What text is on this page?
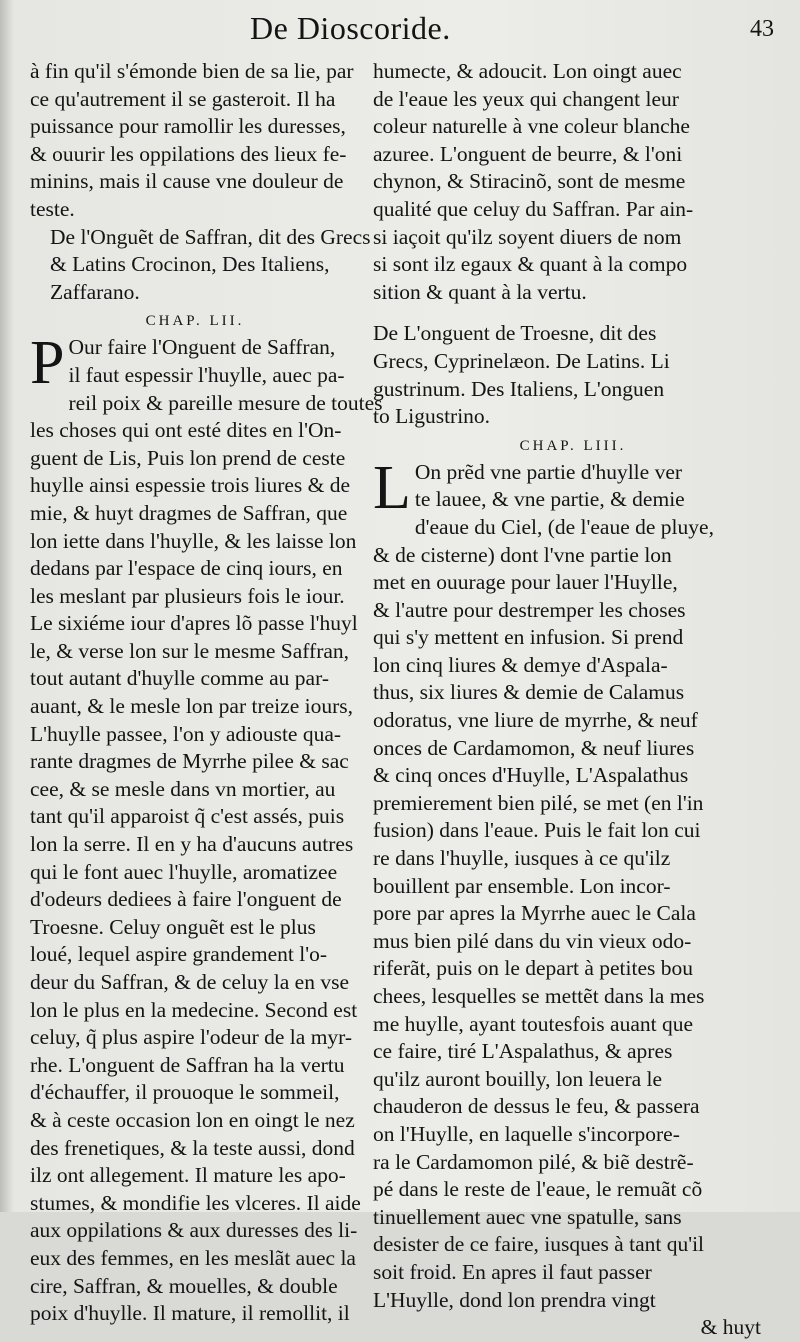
De Dioscoride.	43
à fin qu'il s'émonde bien de sa lie, par
ce qu'autrement il se gasteroit. Il ha
puissance pour ramollir les duresses,
& ouurir les oppilations des lieux fe-
minins, mais il cause vne douleur de
teste.
De l'Onguẽt de Saffran, dit des Grecs
& Latins Crocinon, Des Italiens,
Zaffarano.
CHAP. LII.
P Our faire l'Onguent de Saffran,
il faut espessir l'huylle, auec pa-
reil poix & pareille mesure de toutes
les choses qui ont esté dites en l'On-
guent de Lis, Puis lon prend de ceste
huylle ainsi espessie trois liures & de
mie, & huyt dragmes de Saffran, que
lon iette dans l'huylle, & les laisse lon
dedans par l'espace de cinq iours, en
les meslant par plusieurs fois le iour.
Le sixiéme iour d'apres lõ passe l'huyl
le, & verse lon sur le mesme Saffran,
tout autant d'huylle comme au par-
auant, & le mesle lon par treize iours,
L'huylle passee, l'on y adiouste qua-
rante dragmes de Myrrhe pilee & sac
cee, & se mesle dans vn mortier, au
tant qu'il apparoist q̃ c'est assés, puis
lon la serre. Il en y ha d'aucuns autres
qui le font auec l'huylle, aromatizee
d'odeurs dediees à faire l'onguent de
Troesne. Celuy onguẽt est le plus
loué, lequel aspire grandement l'o-
deur du Saffran, & de celuy la en vse
lon le plus en la medecine. Second est
celuy, q̃ plus aspire l'odeur de la myr-
rhe. L'onguent de Saffran ha la vertu
d'échauffer, il prouoque le sommeil,
& à ceste occasion lon en oingt le nez
des frenetiques, & la teste aussi, dond
ilz ont allegement. Il mature les apo-
stumes, & mondifie les vlceres. Il aide
aux oppilations & aux duresses des li-
eux des femmes, en les meslãt auec la
cire, Saffran, & mouelles, & double
poix d'huylle. Il mature, il remollit, il
humecte, & adoucit. Lon oingt auec
de l'eaue les yeux qui changent leur
coleur naturelle à vne coleur blanche
azuree. L'onguent de beurre, & l'oni
chynon, & Stiracinõ, sont de mesme
qualité que celuy du Saffran. Par ain-
si iaçoit qu'ilz soyent diuers de nom
si sont ilz egaux & quant à la compo
sition & quant à la vertu.
De L'onguent de Troesne, dit des
Grecs, Cyprinelæon. De Latins. Li
gustrinum. Des Italiens, L'onguen
to Ligustrino.
CHAP. LIII.
L On prẽd vne partie d'huylle ver
te lauee, & vne partie, & demie
d'eaue du Ciel, (de l'eaue de pluye,
& de cisterne) dont l'vne partie lon
met en ouurage pour lauer l'Huylle,
& l'autre pour destremper les choses
qui s'y mettent en infusion. Si prend
lon cinq liures & demye d'Aspala-
thus, six liures & demie de Calamus
odoratus, vne liure de myrrhe, & neuf
onces de Cardamomon, & neuf liures
& cinq onces d'Huylle, L'Aspalathus
premierement bien pilé, se met (en l'in
fusion) dans l'eaue. Puis le fait lon cui
re dans l'huylle, iusques à ce qu'ilz
bouillent par ensemble. Lon incor-
pore par apres la Myrrhe auec le Cala
mus bien pilé dans du vin vieux odo-
riferãt, puis on le depart à petites bou
chees, lesquelles se mettẽt dans la mes
me huylle, ayant toutesfois auant que
ce faire, tiré L'Aspalathus, & apres
qu'ilz auront bouilly, lon leuera le
chauderon de dessus le feu, & passera
on l'Huylle, en laquelle s'incorpore-
ra le Cardamomon pilé, & biẽ destrẽ-
pé dans le reste de l'eaue, le remuãt cõ
tinuellement auec vne spatulle, sans
desister de ce faire, iusques à tant qu'il
soit froid. En apres il faut passer
L'Huylle, dond lon prendra vingt
& huyt
